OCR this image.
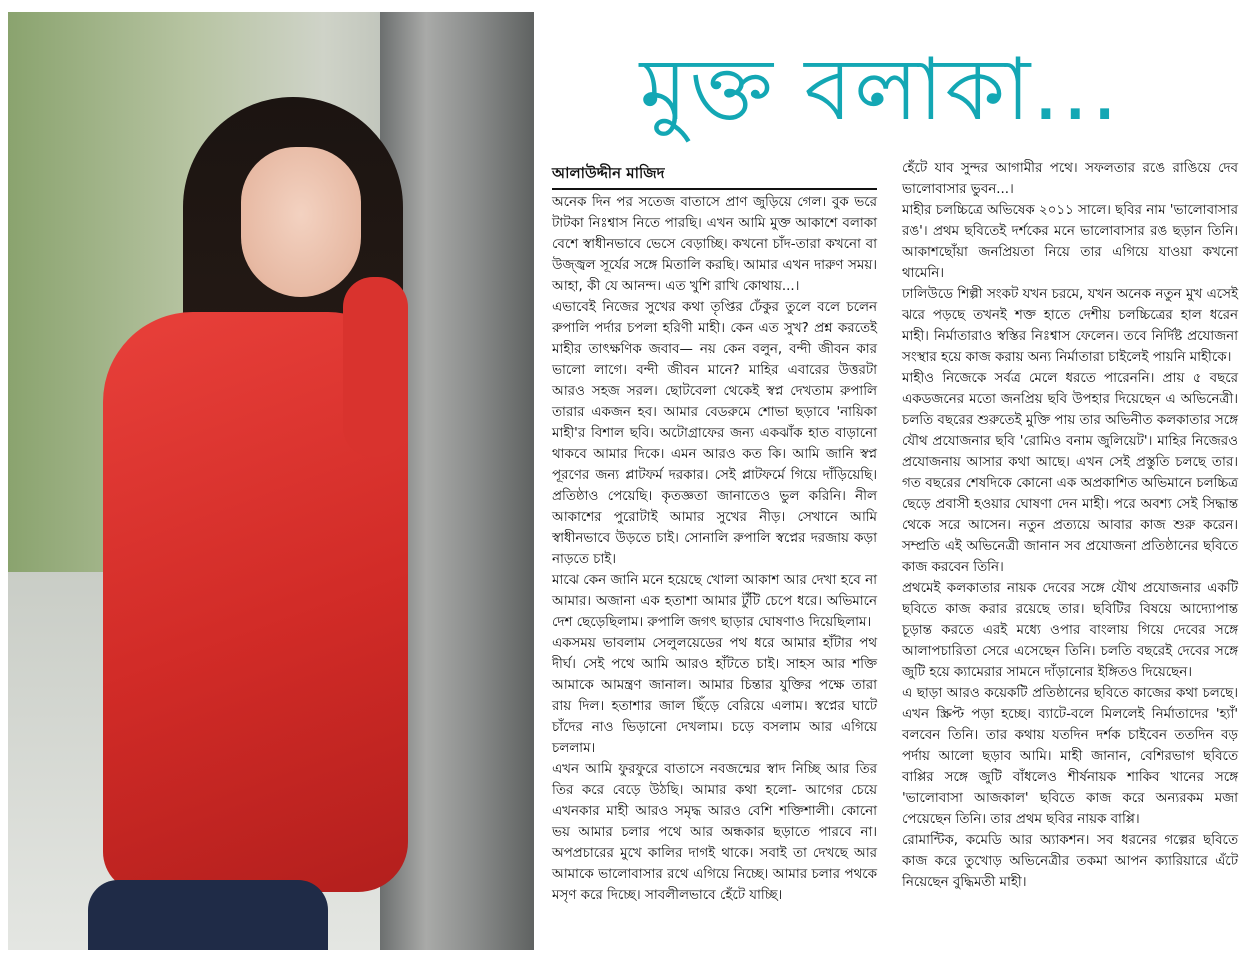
মুক্ত বলাকা...
আলাউদ্দীন মাজিদ

অনেক দিন পর সতেজ বাতাসে প্রাণ জুড়িয়ে গেল। বুক ভরে টাটকা নিঃশ্বাস নিতে পারছি। এখন আমি মুক্ত আকাশে বলাকা বেশে স্বাধীনভাবে ভেসে বেড়াচ্ছি। কখনো চাঁদ-তারা কখনো বা উজ্জ্বল সূর্যের সঙ্গে মিতালি করছি। আমার এখন দারুণ সময়। আহা, কী যে আনন্দ। এত খুশি রাখি কোথায়...।

এভাবেই নিজের সুখের কথা তৃপ্তির ঢেঁকুর তুলে বলে চলেন রুপালি পর্দার চপলা হরিণী মাহী। কেন এত সুখ? প্রশ্ন করতেই মাহীর তাৎক্ষণিক জবাব— নয় কেন বলুন, বন্দী জীবন কার ভালো লাগে। বন্দী জীবন মানে? মাহির এবারের উত্তরটা আরও সহজ সরল। ছোটবেলা থেকেই স্বপ্ন দেখতাম রুপালি তারার একজন হব। আমার বেডরুমে শোভা ছড়াবে 'নায়িকা মাহী'র বিশাল ছবি। অটোগ্রাফের জন্য একঝাঁক হাত বাড়ানো থাকবে আমার দিকে। এমন আরও কত কি। আমি জানি স্বপ্ন পূরণের জন্য প্লাটফর্ম দরকার। সেই প্লাটফর্মে গিয়ে দাঁড়িয়েছি। প্রতিষ্ঠাও পেয়েছি। কৃতজ্ঞতা জানাতেও ভুল করিনি। নীল আকাশের পুরোটাই আমার সুখের নীড়। সেখানে আমি স্বাধীনভাবে উড়তে চাই। সোনালি রুপালি স্বপ্নের দরজায় কড়া নাড়তে চাই।

মাঝে কেন জানি মনে হয়েছে খোলা আকাশ আর দেখা হবে না আমার। অজানা এক হতাশা আমার টুঁটি চেপে ধরে। অভিমানে দেশ ছেড়েছিলাম। রুপালি জগৎ ছাড়ার ঘোষণাও দিয়েছিলাম।

একসময় ভাবলাম সেলুলয়েডের পথ ধরে আমার হাঁটার পথ দীর্ঘ। সেই পথে আমি আরও হাঁটতে চাই। সাহস আর শক্তি আমাকে আমন্ত্রণ জানাল। আমার চিন্তার যুক্তির পক্ষে তারা রায় দিল। হতাশার জাল ছিঁড়ে বেরিয়ে এলাম। স্বপ্নের ঘাটে চাঁদের নাও ভিড়ানো দেখলাম। চড়ে বসলাম আর এগিয়ে চললাম।

এখন আমি ফুরফুরে বাতাসে নবজন্মের স্বাদ নিচ্ছি আর তির তির করে বেড়ে উঠছি। আমার কথা হলো- আগের চেয়ে এখনকার মাহী আরও সমৃদ্ধ আরও বেশি শক্তিশালী। কোনো ভয় আমার চলার পথে আর অন্ধকার ছড়াতে পারবে না। অপপ্রচারের মুখে কালির দাগই থাকে। সবাই তা দেখছে আর আমাকে ভালোবাসার রথে এগিয়ে নিচ্ছে। আমার চলার পথকে মসৃণ করে দিচ্ছে। সাবলীলভাবে হেঁটে যাচ্ছি।

হেঁটে যাব সুন্দর আগামীর পথে। সফলতার রঙে রাঙিয়ে দেব ভালোবাসার ভুবন...।

মাহীর চলচ্চিত্রে অভিষেক ২০১১ সালে। ছবির নাম 'ভালোবাসার রঙ'। প্রথম ছবিতেই দর্শকের মনে ভালোবাসার রঙ ছড়ান তিনি। আকাশছোঁয়া জনপ্রিয়তা নিয়ে তার এগিয়ে যাওয়া কখনো থামেনি।

ঢালিউডে শিল্পী সংকট যখন চরমে, যখন অনেক নতুন মুখ এসেই ঝরে পড়ছে তখনই শক্ত হাতে দেশীয় চলচ্চিত্রের হাল ধরেন মাহী। নির্মাতারাও স্বস্তির নিঃশ্বাস ফেলেন। তবে নির্দিষ্ট প্রযোজনা সংস্থার হয়ে কাজ করায় অন্য নির্মাতারা চাইলেই পায়নি মাহীকে।

মাহীও নিজেকে সর্বত্র মেলে ধরতে পারেননি। প্রায় ৫ বছরে একডজনের মতো জনপ্রিয় ছবি উপহার দিয়েছেন এ অভিনেত্রী। চলতি বছরের শুরুতেই মুক্তি পায় তার অভিনীত কলকাতার সঙ্গে যৌথ প্রযোজনার ছবি 'রোমিও বনাম জুলিয়েট'। মাহির নিজেরও প্রযোজনায় আসার কথা আছে। এখন সেই প্রস্তুতি চলছে তার। গত বছরের শেষদিকে কোনো এক অপ্রকাশিত অভিমানে চলচ্চিত্র ছেড়ে প্রবাসী হওয়ার ঘোষণা দেন মাহী। পরে অবশ্য সেই সিদ্ধান্ত থেকে সরে আসেন। নতুন প্রত্যয়ে আবার কাজ শুরু করেন। সম্প্রতি এই অভিনেত্রী জানান সব প্রযোজনা প্রতিষ্ঠানের ছবিতে কাজ করবেন তিনি।

প্রথমেই কলকাতার নায়ক দেবের সঙ্গে যৌথ প্রযোজনার একটি ছবিতে কাজ করার রয়েছে তার। ছবিটির বিষয়ে আদ্যোপান্ত চূড়ান্ত করতে এরই মধ্যে ওপার বাংলায় গিয়ে দেবের সঙ্গে আলাপচারিতা সেরে এসেছেন তিনি। চলতি বছরেই দেবের সঙ্গে জুটি হয়ে ক্যামেরার সামনে দাঁড়ানোর ইঙ্গিতও দিয়েছেন।

এ ছাড়া আরও কয়েকটি প্রতিষ্ঠানের ছবিতে কাজের কথা চলছে। এখন স্ক্রিপ্ট পড়া হচ্ছে। ব্যাটে-বলে মিললেই নির্মাতাদের 'হ্যাঁ' বলবেন তিনি। তার কথায় যতদিন দর্শক চাইবেন ততদিন বড় পর্দায় আলো ছড়াব আমি। মাহী জানান, বেশিরভাগ ছবিতে বাপ্পির সঙ্গে জুটি বাঁধলেও শীর্ষনায়ক শাকিব খানের সঙ্গে 'ভালোবাসা আজকাল' ছবিতে কাজ করে অন্যরকম মজা পেয়েছেন তিনি। তার প্রথম ছবির নায়ক বাপ্পি।

রোমান্টিক, কমেডি আর অ্যাকশন। সব ধরনের গল্পের ছবিতে কাজ করে তুখোড় অভিনেত্রীর তকমা আপন ক্যারিয়ারে এঁটে নিয়েছেন বুদ্ধিমতী মাহী।
